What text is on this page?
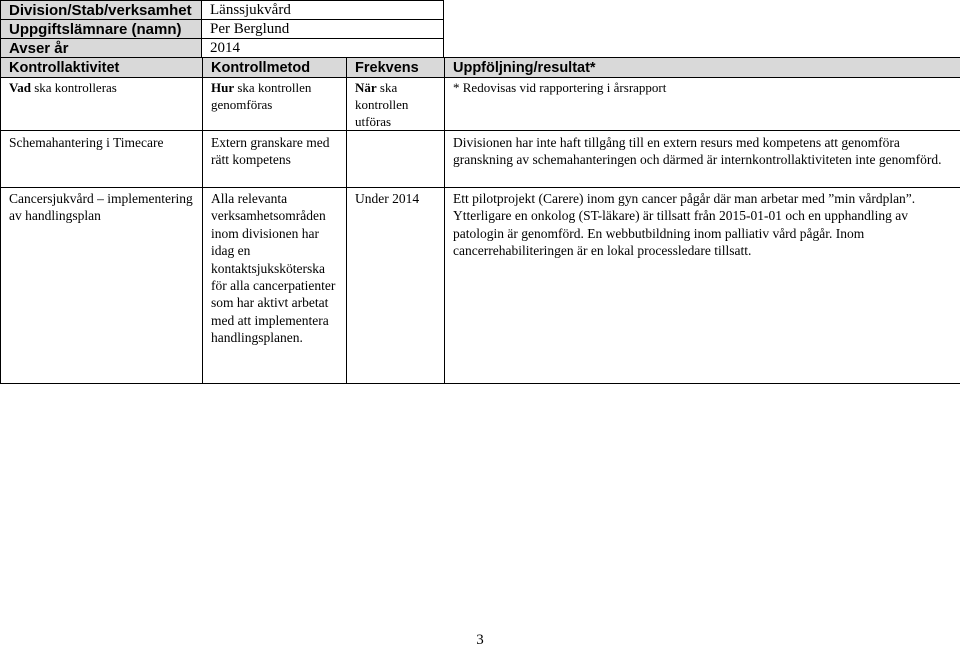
Division/Stab/verksamhet	Länssjukvård
Uppgiftslämnare (namn)	Per Berglund
Avser år	2014
Kontrollaktivitet	Kontrollmetod	Frekvens	Uppföljning/resultat*
Vad ska kontrolleras	Hur ska kontrollen genomföras	När ska kontrollen utföras	* Redovisas vid rapportering i årsrapport
Schemahantering i Timecare	Extern granskare med rätt kompetens		Divisionen har inte haft tillgång till en extern resurs med kompetens att genomföra granskning av schemahanteringen och därmed är internkontrollaktiviteten inte genomförd.
Cancersjukvård – implementering av handlingsplan	Alla relevanta verksamhetsområden inom divisionen har idag en kontaktsjuksköterska för alla cancerpatienter som har aktivt arbetat med att implementera handlingsplanen.	Under 2014	Ett pilotprojekt (Carere) inom gyn cancer pågår där man arbetar med ”min vårdplan”. Ytterligare en onkolog (ST-läkare) är tillsatt från 2015-01-01 och en upphandling av patologin är genomförd. En webbutbildning inom palliativ vård pågår. Inom cancerrehabiliteringen är en lokal processledare tillsatt.
3
